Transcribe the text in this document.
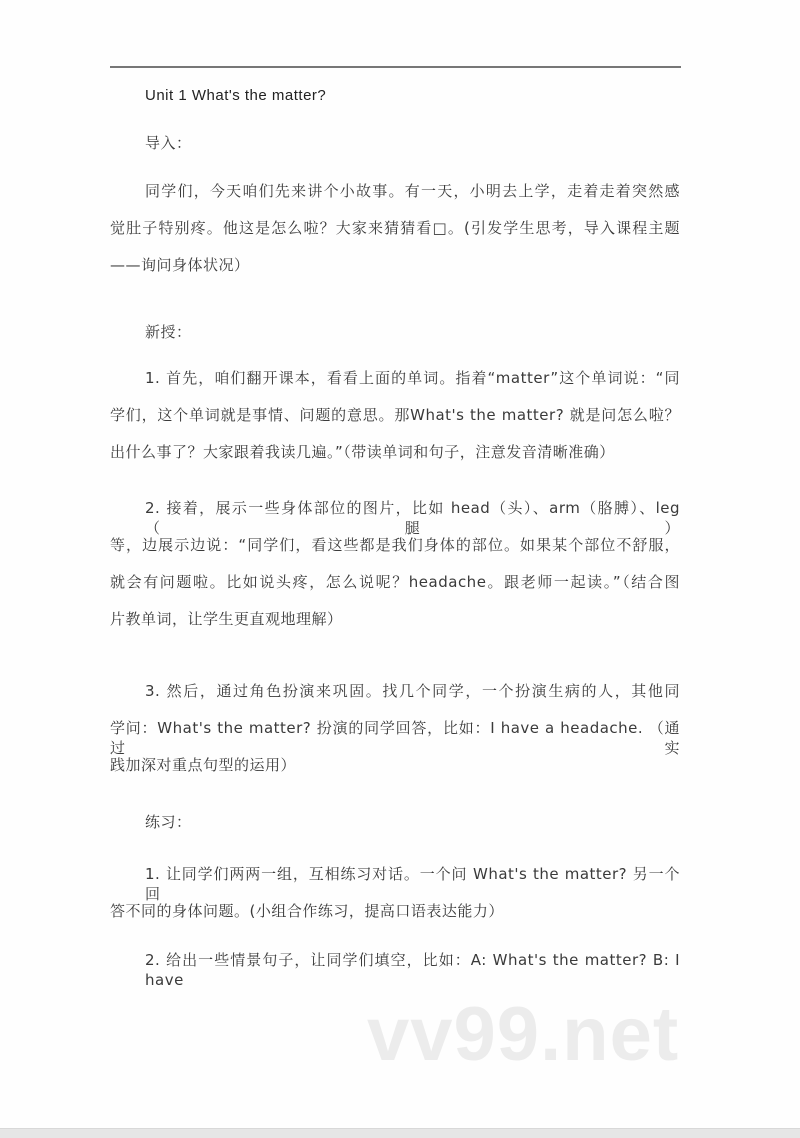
Unit 1 What's the matter?
导入：
同学们，今天咱们先来讲个小故事。有一天，小明去上学，走着走着突然感
觉肚子特别疼。他这是怎么啦？大家来猜猜看□。(引发学生思考，导入课程主题
——询问身体状况）
新授：
1. 首先，咱们翻开课本，看看上面的单词。指着“matter”这个单词说：“同
学们，这个单词就是事情、问题的意思。那What's the matter? 就是问怎么啦？
出什么事了？大家跟着我读几遍。”（带读单词和句子，注意发音清晰准确）
2. 接着，展示一些身体部位的图片，比如 head（头）、arm（胳膊）、leg（腿）
等，边展示边说：“同学们，看这些都是我们身体的部位。如果某个部位不舒服，
就会有问题啦。比如说头疼，怎么说呢？headache。跟老师一起读。”（结合图
片教单词，让学生更直观地理解）
3. 然后，通过角色扮演来巩固。找几个同学，一个扮演生病的人，其他同
学问：What's the matter? 扮演的同学回答，比如：I have a headache. （通过实
践加深对重点句型的运用）
练习：
1. 让同学们两两一组，互相练习对话。一个问 What's the matter? 另一个回
答不同的身体问题。(小组合作练习，提高口语表达能力）
2. 给出一些情景句子，让同学们填空，比如：A: What's the matter? B: I have
vv99.net
